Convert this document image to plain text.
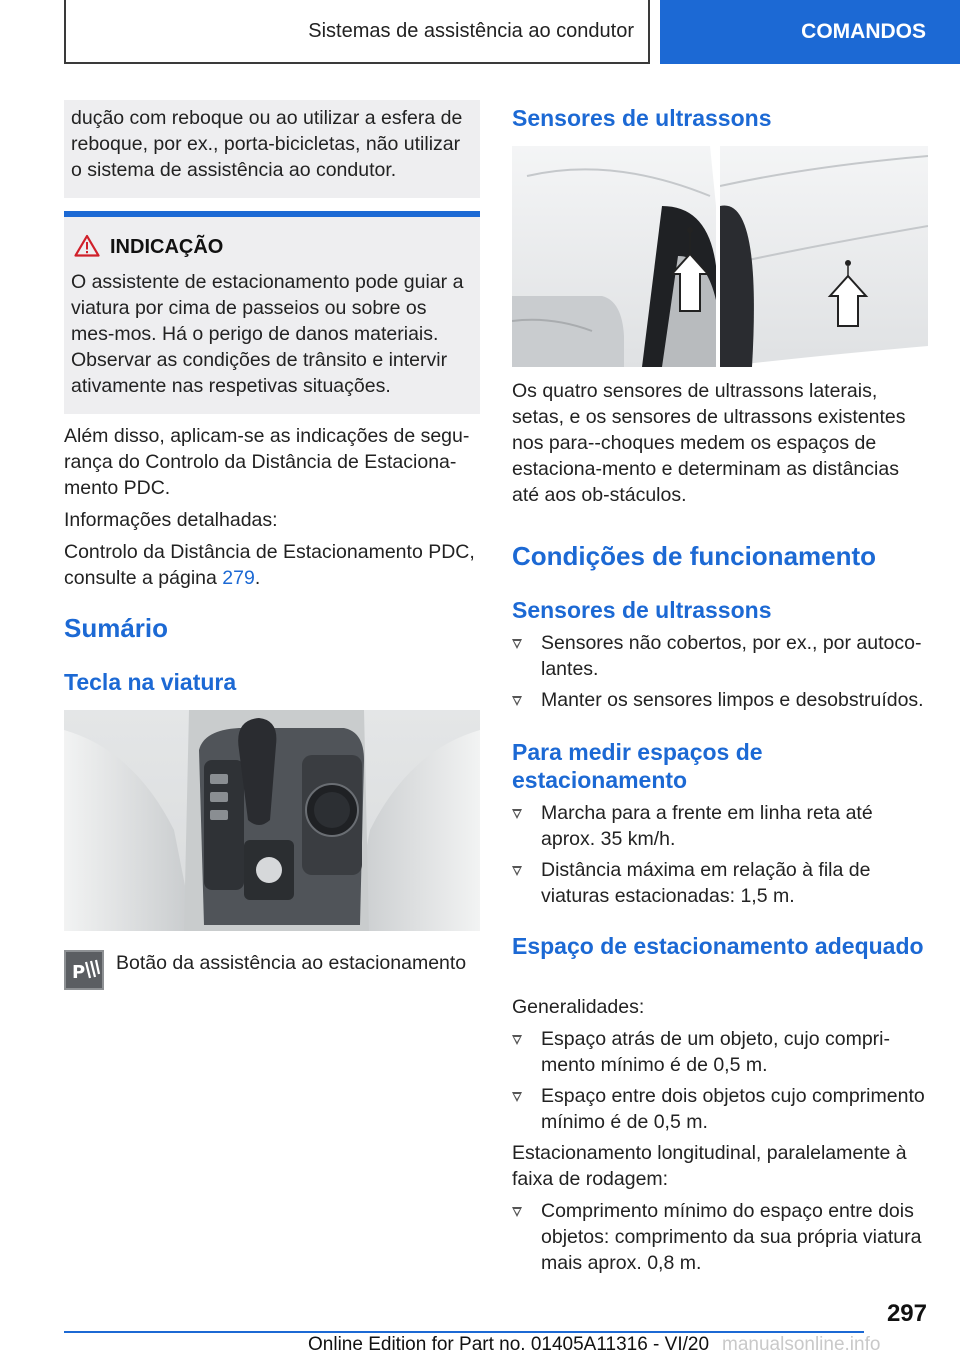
Sistemas de assistência ao condutor	COMANDOS
dução com reboque ou ao utilizar a esfera de reboque, por ex., porta-bicicletas, não utilizar o sistema de assistência ao condutor.
INDICAÇÃO
O assistente de estacionamento pode guiar a viatura por cima de passeios ou sobre os mes-mos. Há o perigo de danos materiais. Observar as condições de trânsito e intervir ativamente nas respetivas situações.
Além disso, aplicam-se as indicações de segu-rança do Controlo da Distância de Estaciona-mento PDC.
Informações detalhadas:
Controlo da Distância de Estacionamento PDC, consulte a página 279.
Sumário
Tecla na viatura
P Botão da assistência ao estacionamento
Sensores de ultrassons
Os quatro sensores de ultrassons laterais, setas, e os sensores de ultrassons existentes nos para--choques medem os espaços de estaciona-mento e determinam as distâncias até aos ob-stáculos.
Condições de funcionamento
Sensores de ultrassons
Sensores não cobertos, por ex., por autoco-lantes.
Manter os sensores limpos e desobstruídos.
Para medir espaços de estacionamento
Marcha para a frente em linha reta até aprox. 35 km/h.
Distância máxima em relação à fila de viaturas estacionadas: 1,5 m.
Espaço de estacionamento adequado
Generalidades:
Espaço atrás de um objeto, cujo compri-mento mínimo é de 0,5 m.
Espaço entre dois objetos cujo comprimento mínimo é de 0,5 m.
Estacionamento longitudinal, paralelamente à faixa de rodagem:
Comprimento mínimo do espaço entre dois objetos: comprimento da sua própria viatura mais aprox. 0,8 m.
297
Online Edition for Part no. 01405A11316 - VI/20 manualsonline.info
